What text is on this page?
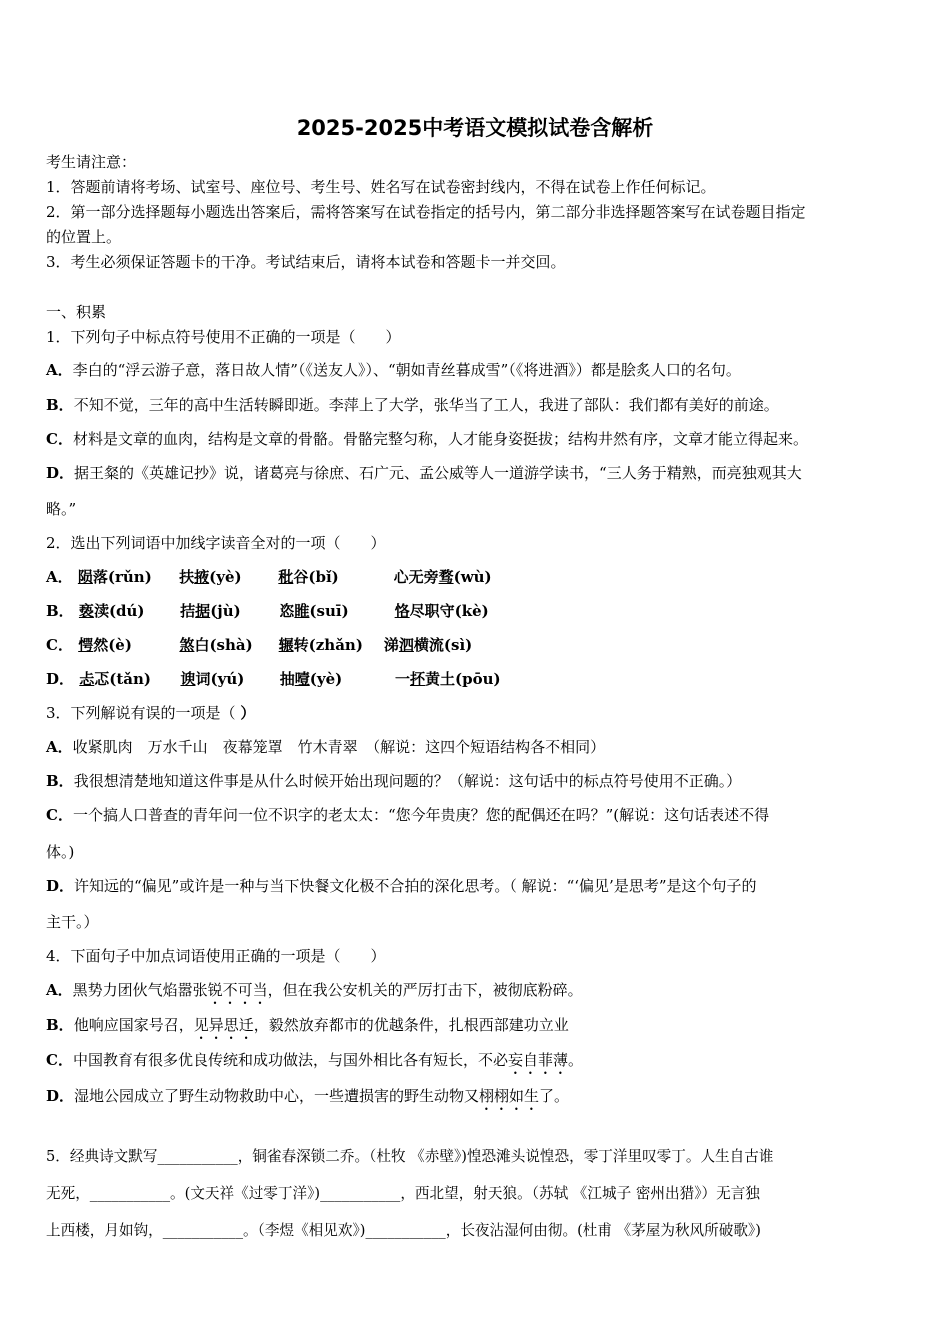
2025-2025中考语文模拟试卷含解析
考生请注意：
1．答题前请将考场、试室号、座位号、考生号、姓名写在试卷密封线内，不得在试卷上作任何标记。
2．第一部分选择题每小题选出答案后，需将答案写在试卷指定的括号内，第二部分非选择题答案写在试卷题目指定
的位置上。
3．考生必须保证答题卡的干净。考试结束后，请将本试卷和答题卡一并交回。
一、积累
1．下列句子中标点符号使用不正确的一项是（　　）
A．李白的“浮云游子意，落日故人情”（《送友人》）、“朝如青丝暮成雪”（《将进酒》）都是脍炙人口的名句。
B．不知不觉，三年的高中生活转瞬即逝。李萍上了大学，张华当了工人，我进了部队：我们都有美好的前途。
C．材料是文章的血肉，结构是文章的骨骼。骨骼完整匀称，人才能身姿挺拔；结构井然有序，文章才能立得起来。
D．据王粲的《英雄记抄》说，诸葛亮与徐庶、石广元、孟公威等人一道游学读书，“三人务于精熟，而亮独观其大
略。”
2．选出下列词语中加线字读音全对的一项（　　）
A． 陨落(rǔn) 扶掖(yè) 秕谷(bǐ)	心无旁骛(wù)
B． 亵渎(dú) 拮据(jù)	恣睢(suī)	恪尽职守(kè)
C． 愕然(è)	煞白(shà) 辗转(zhǎn) 涕泗横流(sì)
D． 忐忑(tǎn) 谀词(yú) 抽噎(yè)	一抔黄土(pōu)
3．下列解说有误的一项是（ ）
A．收紧肌肉　万水千山　夜幕笼罩　竹木青翠　（解说：这四个短语结构各不相同）
B．我很想清楚地知道这件事是从什么时候开始出现问题的？（解说：这句话中的标点符号使用不正确。）
C．一个搞人口普查的青年问一位不识字的老太太：“您今年贵庚？您的配偶还在吗？”(解说：这句话表述不得
体。)
D．许知远的“偏见”或许是一种与当下快餐文化极不合拍的深化思考。（ 解说：“‘偏见’是思考”是这个句子的
主干。）
4．下面句子中加点词语使用正确的一项是（　　）
A．黑势力团伙气焰嚣张锐不可当，但在我公安机关的严厉打击下，被彻底粉碎。
B．他响应国家号召，见异思迁，毅然放弃都市的优越条件，扎根西部建功立业
C．中国教育有很多优良传统和成功做法，与国外相比各有短长，不必妄自菲薄。
D．湿地公园成立了野生动物救助中心，一些遭损害的野生动物又栩栩如生了。
5．经典诗文默写___________，铜雀春深锁二乔。（杜牧 《赤壁》)惶恐滩头说惶恐，零丁洋里叹零丁。人生自古谁
无死，___________。(文天祥《过零丁洋》)___________，西北望，射天狼。（苏轼 《江城子 密州出猎》）无言独
上西楼，月如钩，___________。（李煜《相见欢》)___________，长夜沾湿何由彻。(杜甫 《茅屋为秋风所破歌》)
